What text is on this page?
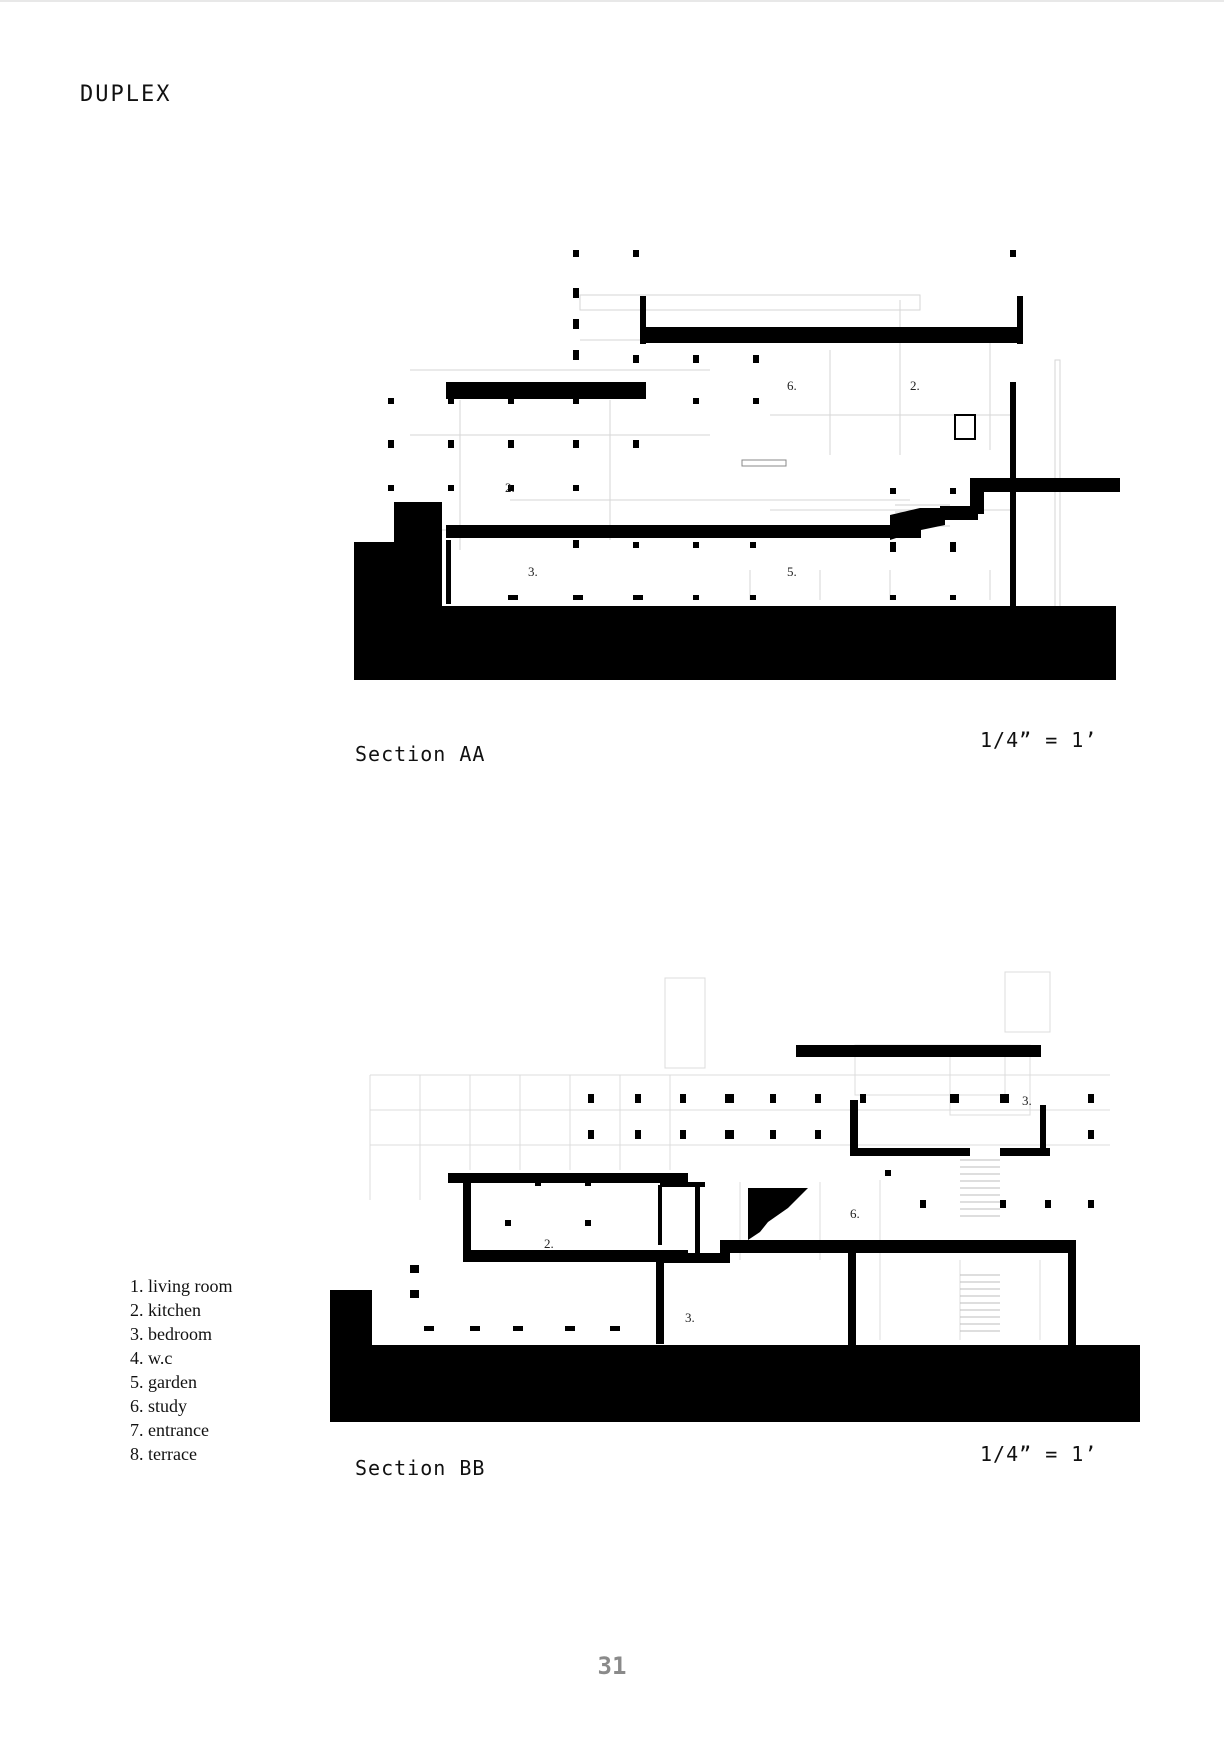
DUPLEX
6.	2.
2.
3.	5.
Section AA
1/4” = 1’
3.
6.
2.
3.
1. living room
2. kitchen
3. bedroom
4. w.c
5. garden
6. study
7. entrance
8. terrace
Section BB
1/4” = 1’
31
